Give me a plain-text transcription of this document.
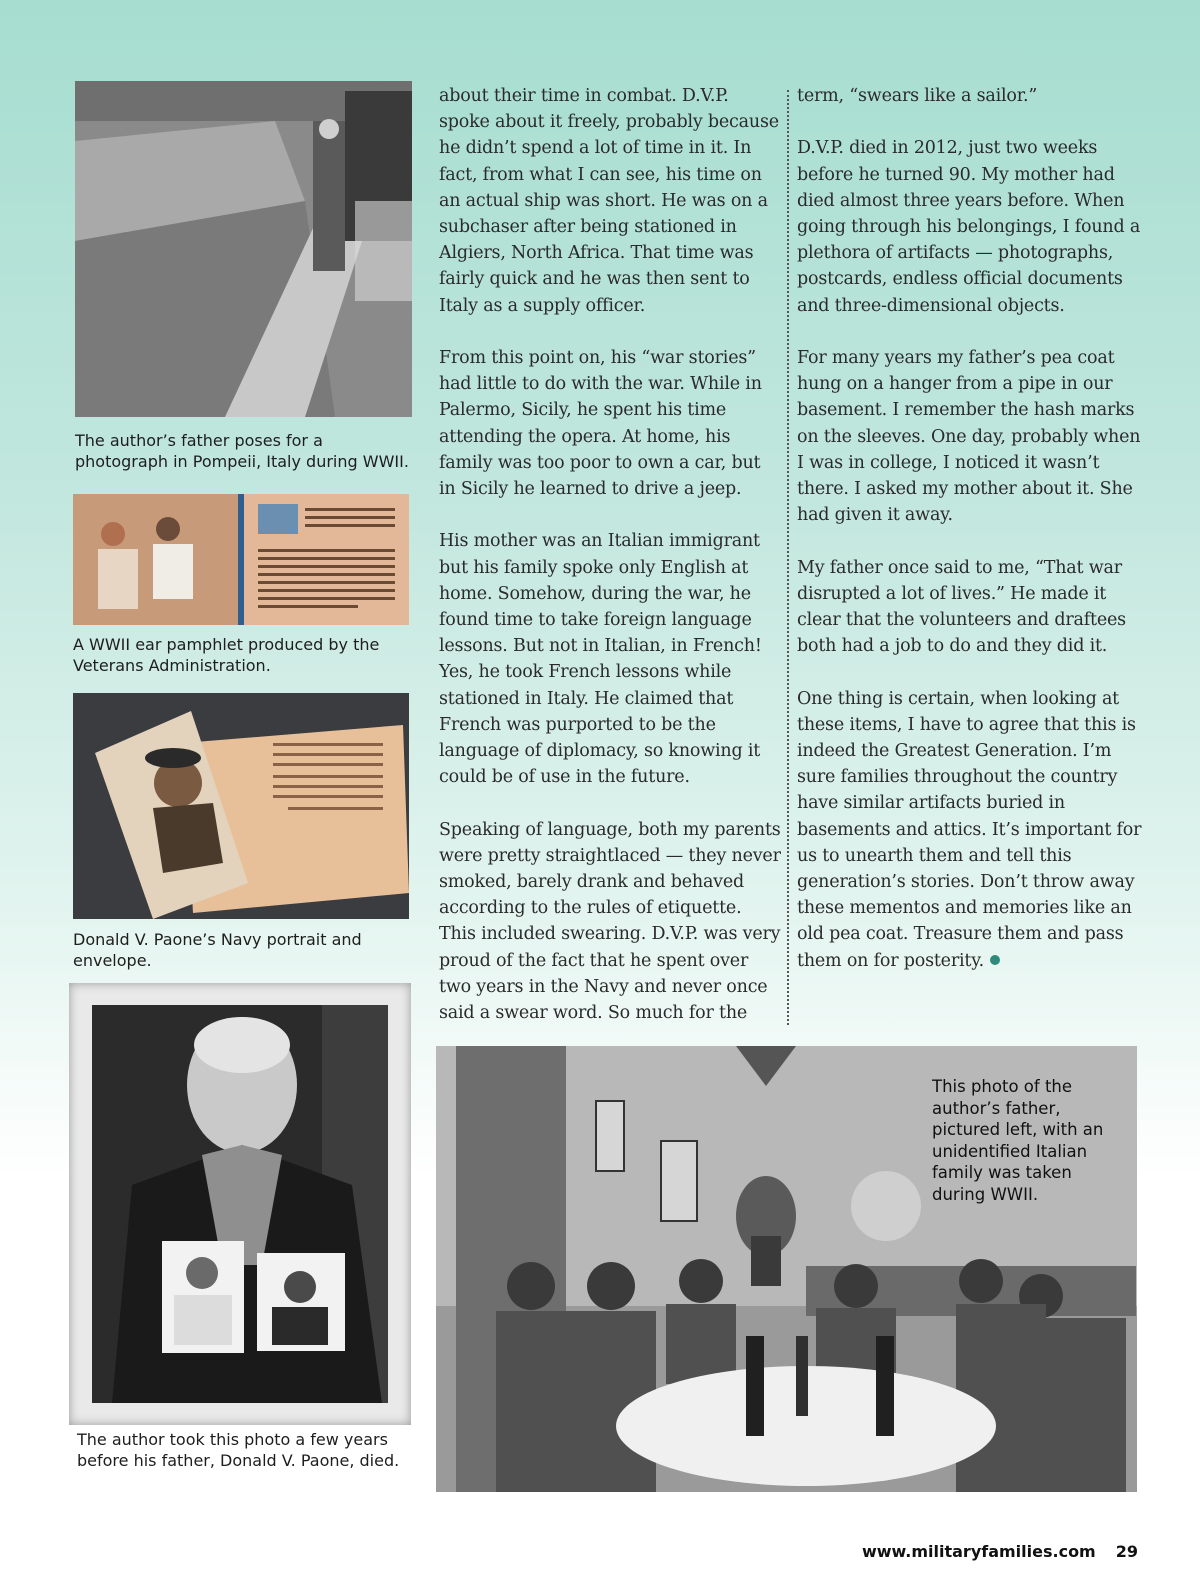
The author’s father poses for a photograph in Pompeii, Italy during WWII.
A WWII ear pamphlet produced by the Veterans Administration.
Donald V. Paone’s Navy portrait and envelope.
The author took this photo a few years before his father, Donald V. Paone, died.

about their time in combat. D.V.P. spoke about it freely, probably because he didn’t spend a lot of time in it. In fact, from what I can see, his time on an actual ship was short. He was on a subchaser after being stationed in Algiers, North Africa. That time was fairly quick and he was then sent to Italy as a supply officer.

From this point on, his “war stories” had little to do with the war. While in Palermo, Sicily, he spent his time attending the opera. At home, his family was too poor to own a car, but in Sicily he learned to drive a jeep.

His mother was an Italian immigrant but his family spoke only English at home. Somehow, during the war, he found time to take foreign language lessons. But not in Italian, in French! Yes, he took French lessons while stationed in Italy. He claimed that French was purported to be the language of diplomacy, so knowing it could be of use in the future.

Speaking of language, both my parents were pretty straightlaced — they never smoked, barely drank and behaved according to the rules of etiquette. This included swearing. D.V.P. was very proud of the fact that he spent over two years in the Navy and never once said a swear word. So much for the

term, “swears like a sailor.”

D.V.P. died in 2012, just two weeks before he turned 90. My mother had died almost three years before. When going through his belongings, I found a plethora of artifacts — photographs, postcards, endless official documents and three-dimensional objects.

For many years my father’s pea coat hung on a hanger from a pipe in our basement. I remember the hash marks on the sleeves. One day, probably when I was in college, I noticed it wasn’t there. I asked my mother about it. She had given it away.

My father once said to me, “That war disrupted a lot of lives.” He made it clear that the volunteers and draftees both had a job to do and they did it.

One thing is certain, when looking at these items, I have to agree that this is indeed the Greatest Generation. I’m sure families throughout the country have similar artifacts buried in basements and attics. It’s important for us to unearth them and tell this generation’s stories. Don’t throw away these mementos and memories like an old pea coat. Treasure them and pass them on for posterity.

This photo of the author’s father, pictured left, with an unidentified Italian family was taken during WWII.
www.militaryfamilies.com 29
